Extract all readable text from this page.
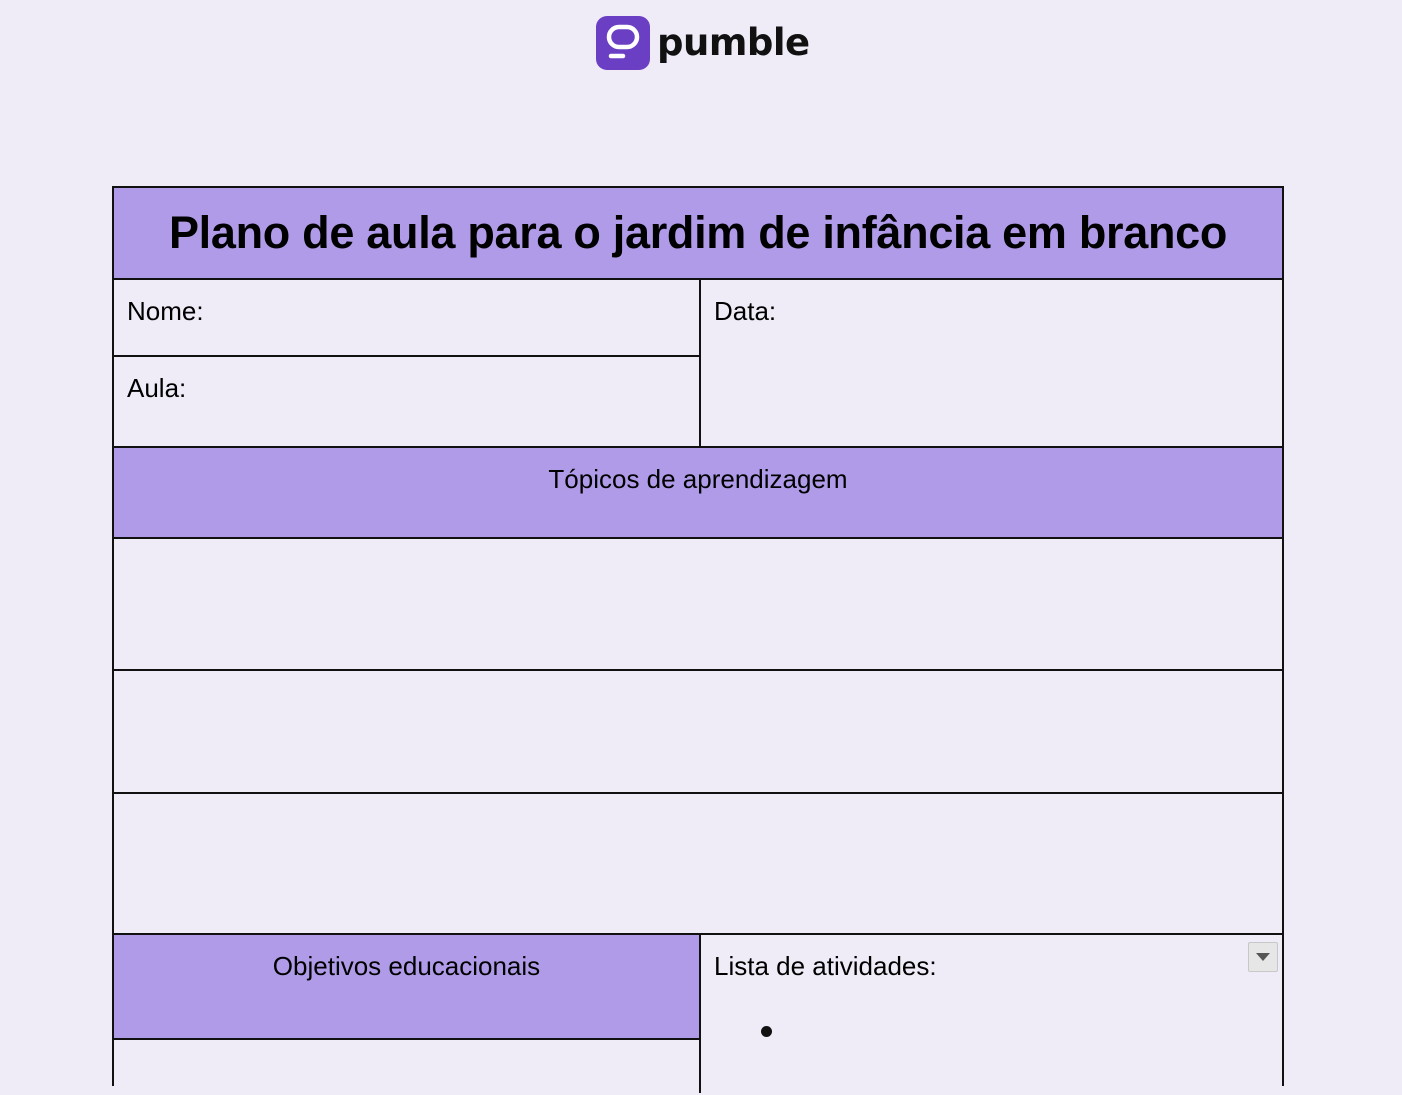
pumble
Plano de aula para o jardim de infância em branco
Nome:	Data:
Aula:
Tópicos de aprendizagem
Objetivos educacionais	Lista de atividades:
